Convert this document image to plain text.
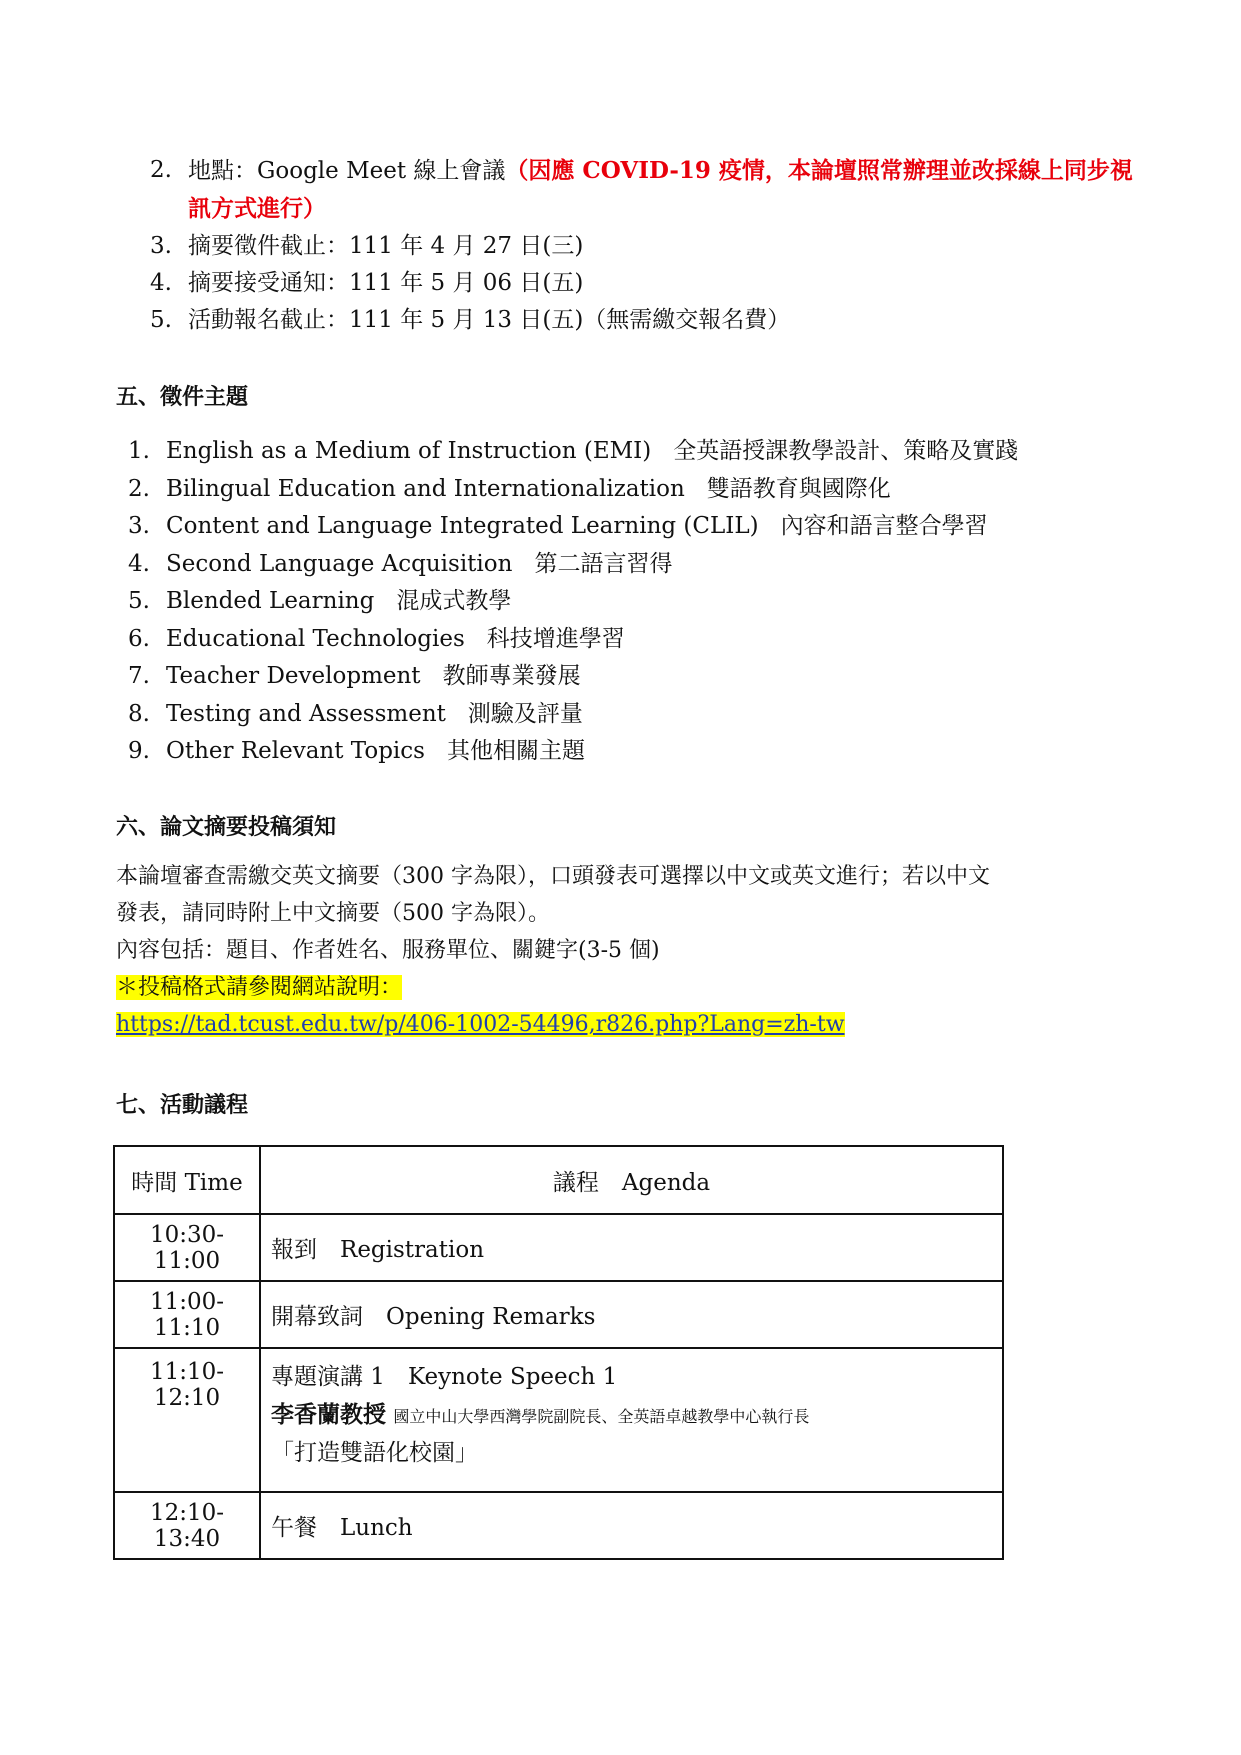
2. 地點：Google Meet 線上會議（因應 COVID-19 疫情，本論壇照常辦理並改採線上同步視訊方式進行）
3. 摘要徵件截止：111 年 4 月 27 日(三)
4. 摘要接受通知：111 年 5 月 06 日(五)
5. 活動報名截止：111 年 5 月 13 日(五)（無需繳交報名費）
五、徵件主題
1. English as a Medium of Instruction (EMI) 全英語授課教學設計、策略及實踐
2. Bilingual Education and Internationalization 雙語教育與國際化
3. Content and Language Integrated Learning (CLIL) 內容和語言整合學習
4. Second Language Acquisition 第二語言習得
5. Blended Learning 混成式教學
6. Educational Technologies 科技增進學習
7. Teacher Development 教師專業發展
8. Testing and Assessment 測驗及評量
9. Other Relevant Topics 其他相關主題
六、論文摘要投稿須知
本論壇審查需繳交英文摘要（300 字為限），口頭發表可選擇以中文或英文進行；若以中文
發表，請同時附上中文摘要（500 字為限）。
內容包括：題目、作者姓名、服務單位、關鍵字(3-5 個)
＊投稿格式請參閱網站說明：
https://tad.tcust.edu.tw/p/406-1002-54496,r826.php?Lang=zh-tw
七、活動議程
時間 Time	議程　Agenda
10:30-11:00	報到　Registration
11:00-11:10	開幕致詞　Opening Remarks
11:10-12:10	專題演講 1　Keynote Speech 1
李香蘭教授 國立中山大學西灣學院副院長、全英語卓越教學中心執行長
「打造雙語化校園」

12:10-13:40	午餐　Lunch
